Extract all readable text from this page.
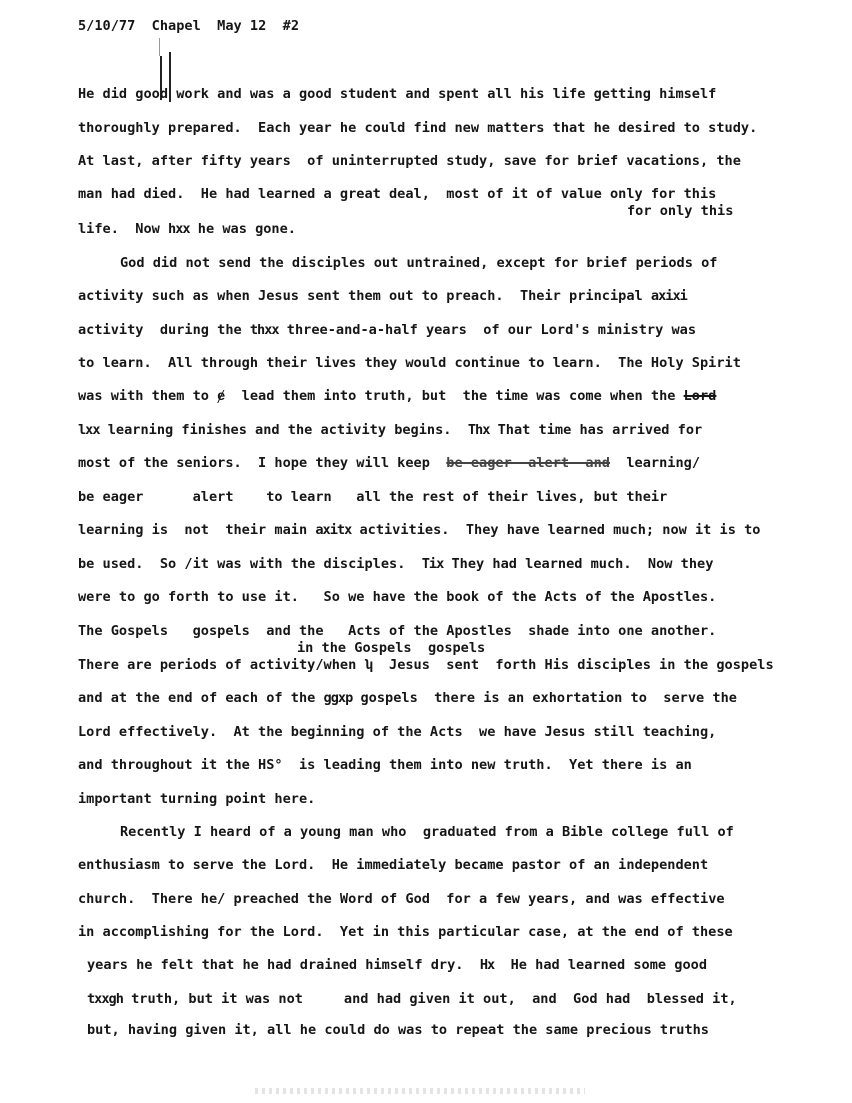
5/10/77 Chapel May 12 #2
He did good work and was a good student and spent all his life getting himself
thoroughly prepared.  Each year he could find new matters that he desired to study.
At last, after fifty years  of uninterrupted study, save for brief vacations, the
man had died.  He had learned a great deal,  most of it of value only for this
for only this
life.  Now hxx he was gone.
God did not send the disciples out untrained, except for brief periods of
activity such as when Jesus sent them out to preach.  Their principal axixi
activity  during the thxx three-and-a-half years  of our Lord's ministry was
to learn.  All through their lives they would continue to learn.  The Holy Spirit
was with them to ɇ  lead them into truth, but  the time was come when the Lord
lxx learning finishes and the activity begins.  Thx That time has arrived for
most of the seniors.  I hope they will keep  be eager  alert  and  learning/
be eager      alert    to learn   all the rest of their lives, but their
learning is  not  their main axitx activities.  They have learned much; now it is to
be used.  So /it was with the disciples.  Tix They had learned much.  Now they
were to go forth to use it.   So we have the book of the Acts of the Apostles.
The Gospels   gospels  and the   Acts of the Apostles  shade into one another.
in the Gospels  gospels
There are periods of activity/when ʮ  Jesus  sent  forth His disciples in the gospels
and at the end of each of the ggxp gospels  there is an exhortation to  serve the
Lord effectively.  At the beginning of the Acts  we have Jesus still teaching,
and throughout it the HS°  is leading them into new truth.  Yet there is an
important turning point here.
Recently I heard of a young man who  graduated from a Bible college full of
enthusiasm to serve the Lord.  He immediately became pastor of an independent
church.  There he/ preached the Word of God  for a few years, and was effective
in accomplishing for the Lord.  Yet in this particular case, at the end of these
years he felt that he had drained himself dry.  Hx  He had learned some good
txxgh truth, but it was not     and had given it out,  and  God had  blessed it,
but, having given it, all he could do was to repeat the same precious truths
